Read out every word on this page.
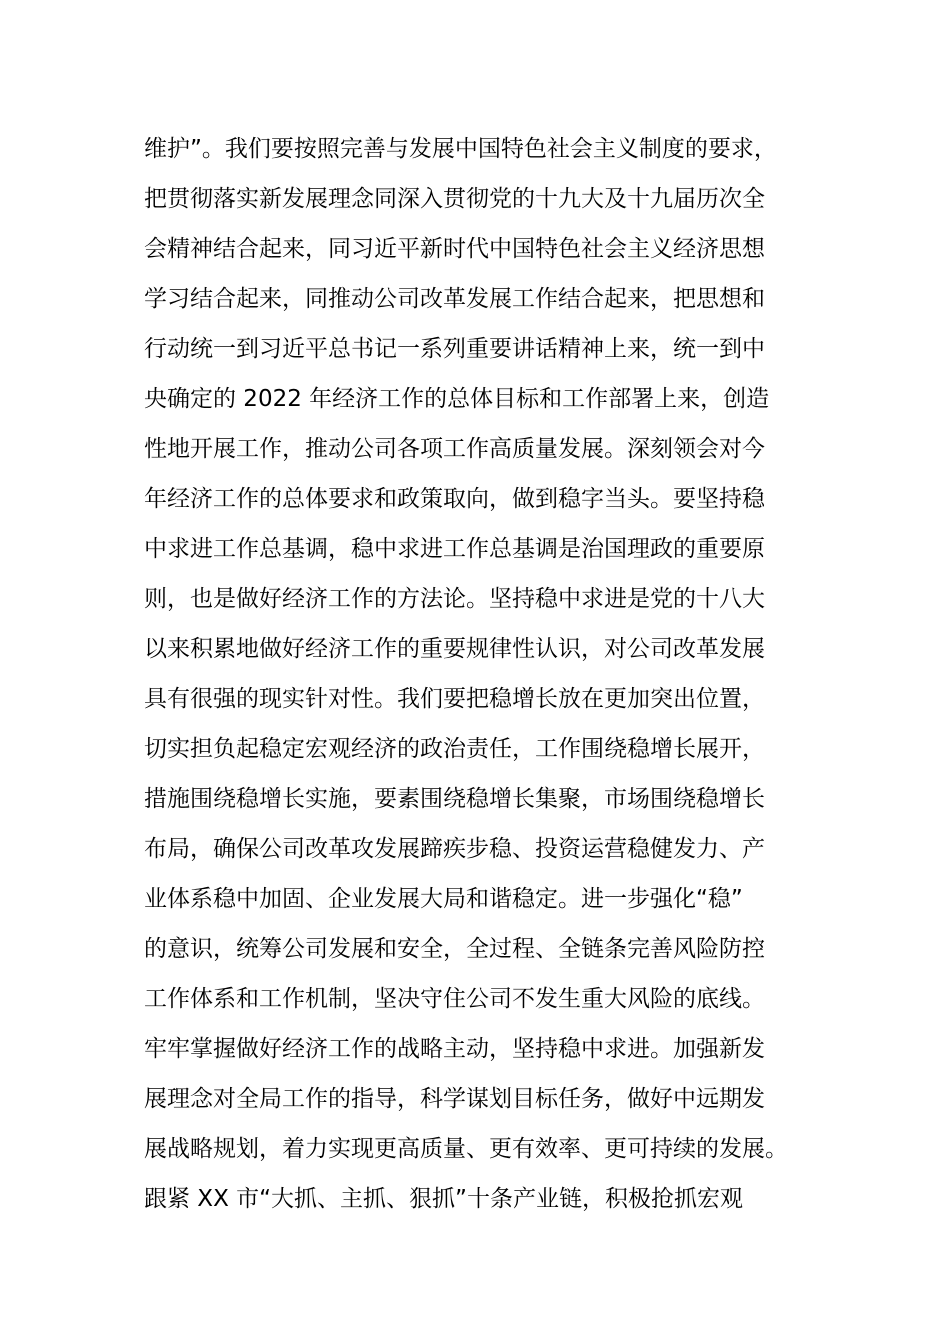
维护”。我们要按照完善与发展中国特色社会主义制度的要求，
把贯彻落实新发展理念同深入贯彻党的十九大及十九届历次全
会精神结合起来，同习近平新时代中国特色社会主义经济思想
学习结合起来，同推动公司改革发展工作结合起来，把思想和
行动统一到习近平总书记一系列重要讲话精神上来，统一到中
央确定的 2022 年经济工作的总体目标和工作部署上来，创造
性地开展工作，推动公司各项工作高质量发展。深刻领会对今
年经济工作的总体要求和政策取向，做到稳字当头。要坚持稳
中求进工作总基调，稳中求进工作总基调是治国理政的重要原
则，也是做好经济工作的方法论。坚持稳中求进是党的十八大
以来积累地做好经济工作的重要规律性认识，对公司改革发展
具有很强的现实针对性。我们要把稳增长放在更加突出位置，
切实担负起稳定宏观经济的政治责任，工作围绕稳增长展开，
措施围绕稳增长实施，要素围绕稳增长集聚，市场围绕稳增长
布局，确保公司改革攻发展蹄疾步稳、投资运营稳健发力、产
业体系稳中加固、企业发展大局和谐稳定。进一步强化“稳”
的意识，统筹公司发展和安全，全过程、全链条完善风险防控
工作体系和工作机制，坚决守住公司不发生重大风险的底线。
牢牢掌握做好经济工作的战略主动，坚持稳中求进。加强新发
展理念对全局工作的指导，科学谋划目标任务，做好中远期发
展战略规划，着力实现更高质量、更有效率、更可持续的发展。
跟紧 XX 市“大抓、主抓、狠抓”十条产业链，积极抢抓宏观
